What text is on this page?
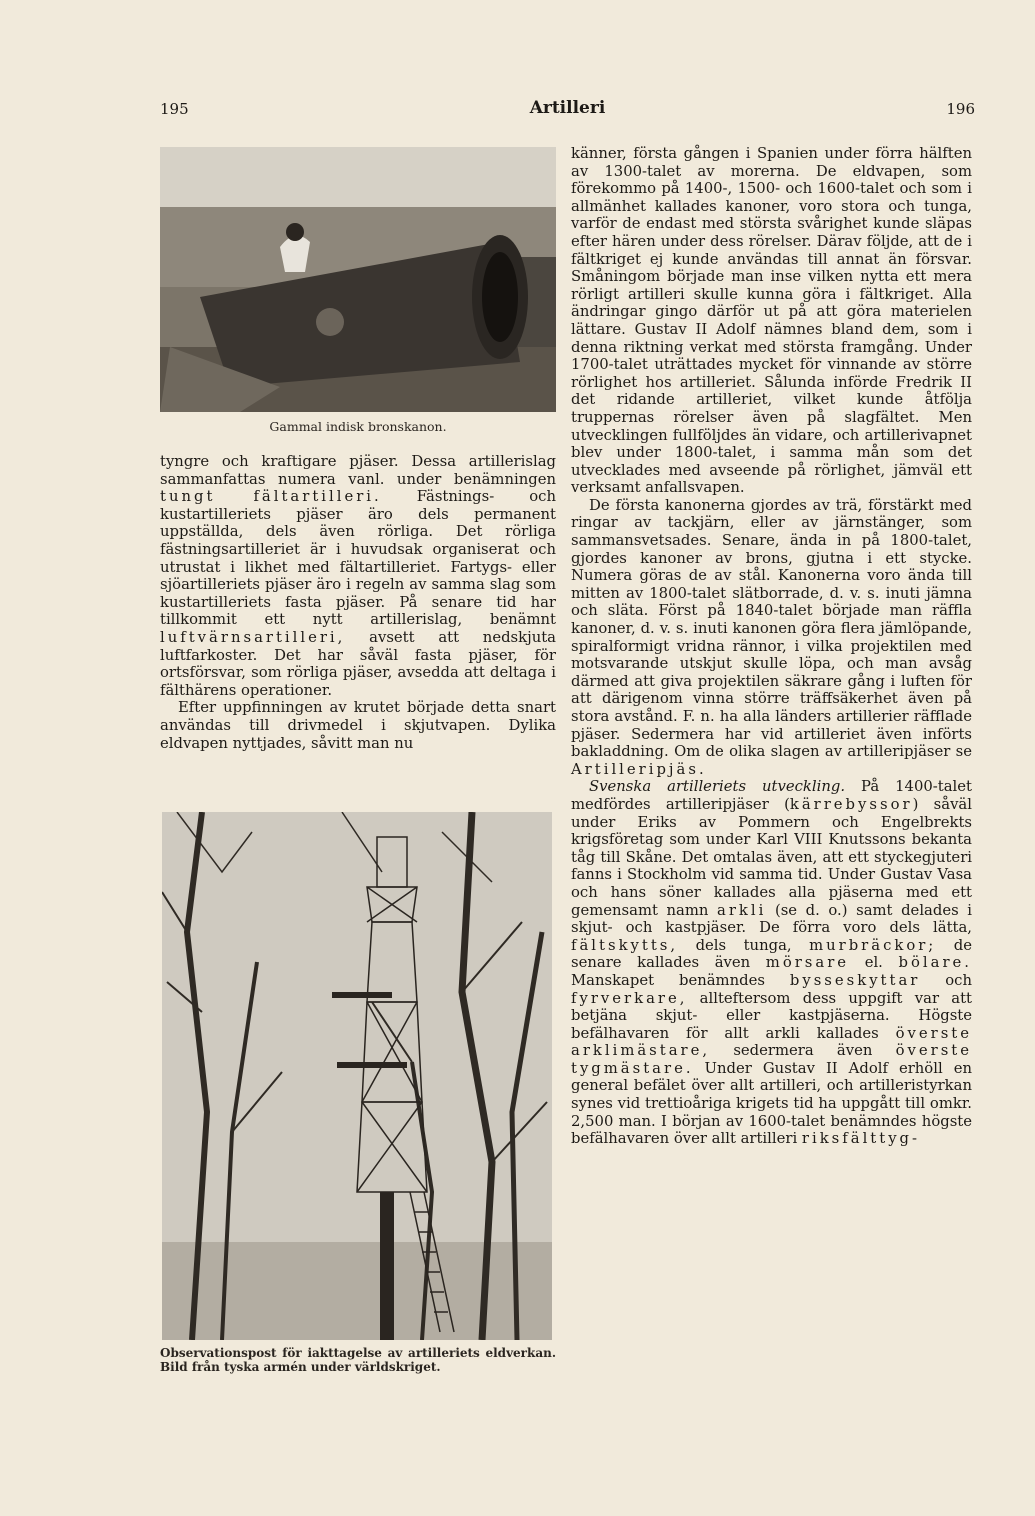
195	Artilleri	196
Gammal indisk bronskanon.

tyngre och kraftigare pjäser. Dessa artillerislag sammanfattas numera vanl. under benämningen tungt fältartilleri. Fästnings- och kustartilleriets pjäser äro dels permanent uppställda, dels även rörliga. Det rörliga fästningsartilleriet är i huvudsak organiserat och utrustat i likhet med fältartilleriet. Fartygs- eller sjöartilleriets pjäser äro i regeln av samma slag som kustartilleriets fasta pjäser. På senare tid har tillkommit ett nytt artillerislag, benämnt luftvärnsartilleri, avsett att nedskjuta luftfarkoster. Det har såväl fasta pjäser, för ortsförsvar, som rörliga pjäser, avsedda att deltaga i fälthärens operationer.

Efter uppfinningen av krutet började detta snart användas till drivmedel i skjutvapen. Dylika eldvapen nyttjades, såvitt man nu

Observationspost för iakttagelse av artilleriets eldverkan. Bild från tyska armén under världskriget.

känner, första gången i Spanien under förra hälften av 1300-talet av morerna. De eldvapen, som förekommo på 1400-, 1500- och 1600-talet och som i allmänhet kallades kanoner, voro stora och tunga, varför de endast med största svårighet kunde släpas efter hären under dess rörelser. Därav följde, att de i fältkriget ej kunde användas till annat än försvar. Småningom började man inse vilken nytta ett mera rörligt artilleri skulle kunna göra i fältkriget. Alla ändringar gingo därför ut på att göra materielen lättare. Gustav II Adolf nämnes bland dem, som i denna riktning verkat med största framgång. Under 1700-talet uträttades mycket för vinnande av större rörlighet hos artilleriet. Sålunda införde Fredrik II det ridande artilleriet, vilket kunde åtfölja truppernas rörelser även på slagfältet. Men utvecklingen fullföljdes än vidare, och artillerivapnet blev under 1800-talet, i samma mån som det utvecklades med avseende på rörlighet, jämväl ett verksamt anfallsvapen.

De första kanonerna gjordes av trä, förstärkt med ringar av tackjärn, eller av järnstänger, som sammansvetsades. Senare, ända in på 1800-talet, gjordes kanoner av brons, gjutna i ett stycke. Numera göras de av stål. Kanonerna voro ända till mitten av 1800-talet slätborrade, d. v. s. inuti jämna och släta. Först på 1840-talet började man räffla kanoner, d. v. s. inuti kanonen göra flera jämlöpande, spiralformigt vridna rännor, i vilka projektilen med motsvarande utskjut skulle löpa, och man avsåg därmed att giva projektilen säkrare gång i luften för att därigenom vinna större träffsäkerhet även på stora avstånd. F. n. ha alla länders artillerier räfflade pjäser. Sedermera har vid artilleriet även införts bakladdning. Om de olika slagen av artilleripjäser se Artilleripjäs.

Svenska artilleriets utveckling. På 1400-talet medfördes artilleripjäser (kärrebyssor) såväl under Eriks av Pommern och Engelbrekts krigsföretag som under Karl VIII Knutssons bekanta tåg till Skåne. Det omtalas även, att ett styckegjuteri fanns i Stockholm vid samma tid. Under Gustav Vasa och hans söner kallades alla pjäserna med ett gemensamt namn arkli (se d. o.) samt delades i skjut- och kastpjäser. De förra voro dels lätta, fältskytts, dels tunga, murbräckor; de senare kallades även mörsare el. bölare. Manskapet benämndes bysseskyttar och fyrverkare, allteftersom dess uppgift var att betjäna skjut- eller kastpjäserna. Högste befälhavaren för allt arkli kallades överste arklimästare, sedermera även överste tygmästare. Under Gustav II Adolf erhöll en general befälet över allt artilleri, och artilleristyrkan synes vid trettioåriga krigets tid ha uppgått till omkr. 2,500 man. I början av 1600-talet benämndes högste befälhavaren över allt artilleri riksfälttyg-
